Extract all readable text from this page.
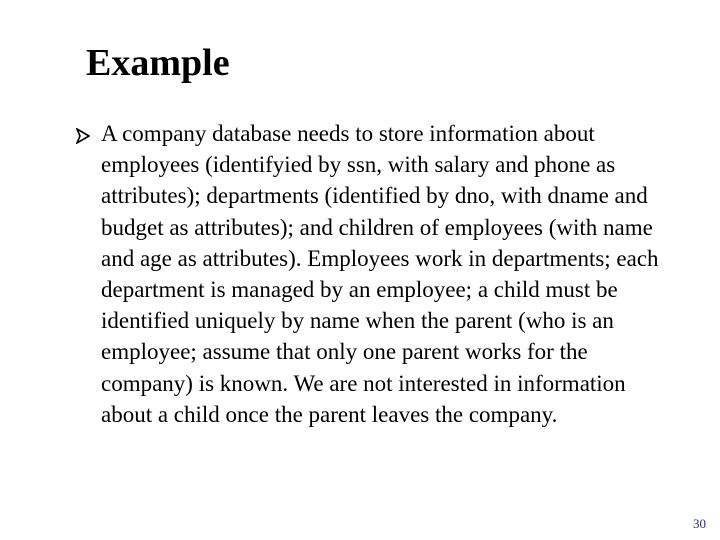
Example

A company database needs to store information about employees (identifyied by ssn, with salary and phone as attributes); departments (identified by dno, with dname and budget as attributes); and children of employees (with name and age as attributes). Employees work in departments; each department is managed by an employee; a child must be identified uniquely by name when the parent (who is an employee; assume that only one parent works for the company) is known. We are not interested in information about a child once the parent leaves the company.

30
